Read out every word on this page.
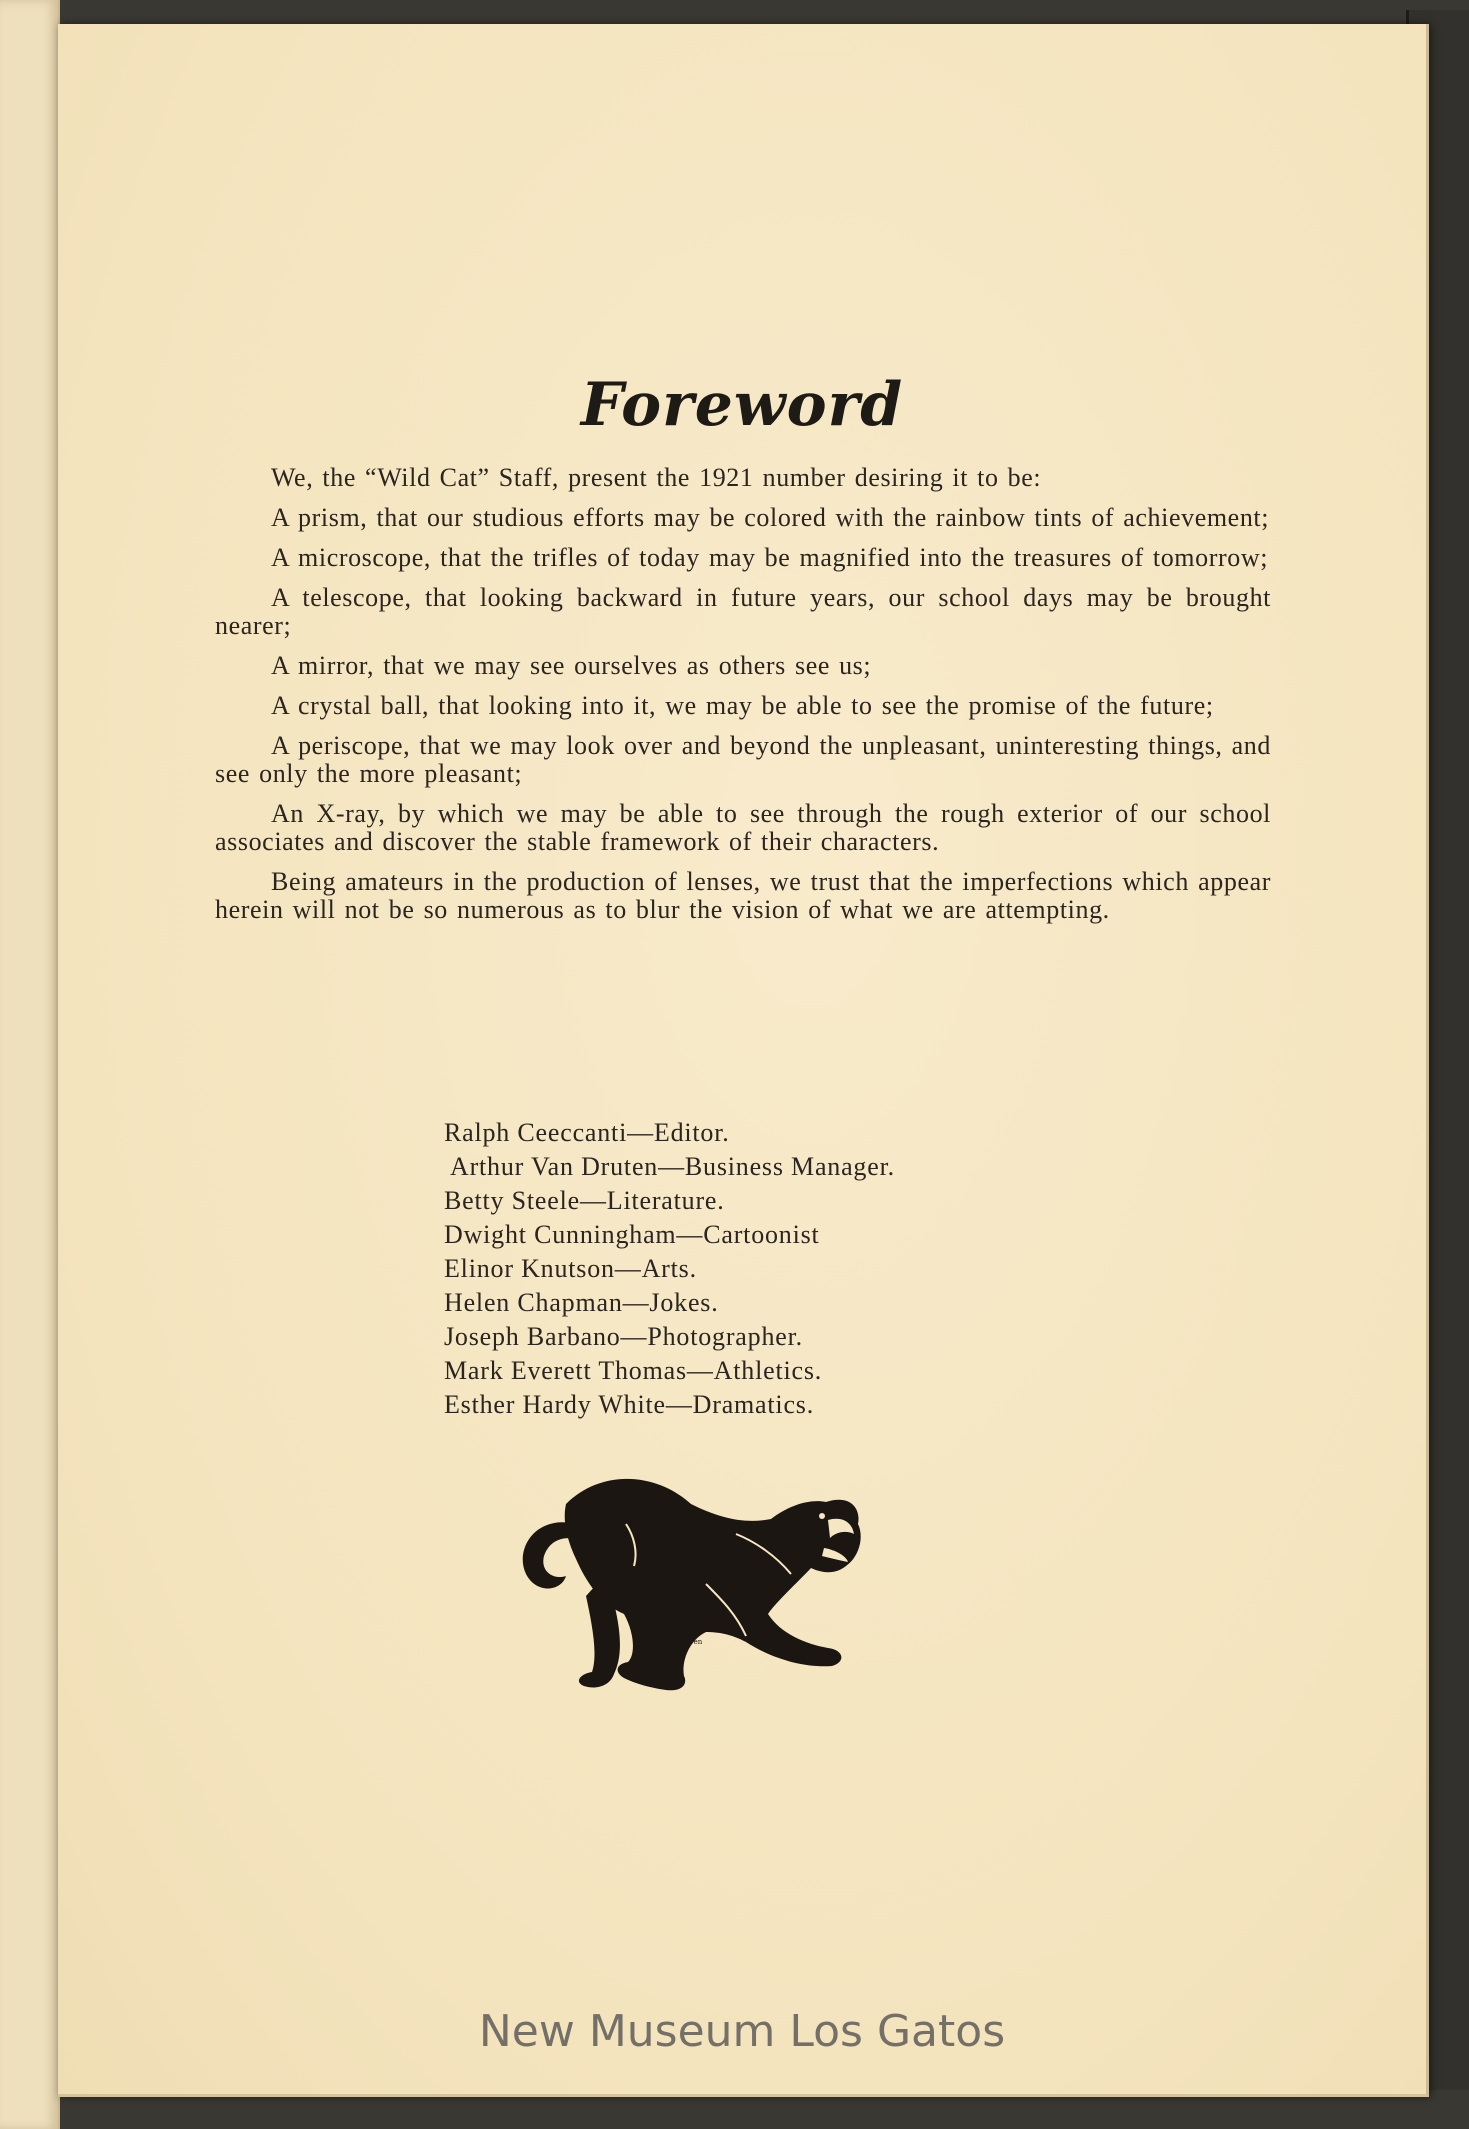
Foreword

We, the “Wild Cat” Staff, present the 1921 number desiring it to be:

A prism, that our studious efforts may be colored with the rainbow tints of achievement;

A microscope, that the trifles of today may be magnified into the treasures of tomorrow;

A telescope, that looking backward in future years, our school days may be brought nearer;

A mirror, that we may see ourselves as others see us;

A crystal ball, that looking into it, we may be able to see the promise of the future;

A periscope, that we may look over and beyond the unpleasant, uninteresting things, and see only the more pleasant;

An X-ray, by which we may be able to see through the rough exterior of our school associates and discover the stable framework of their characters.

Being amateurs in the production of lenses, we trust that the imperfections which appear herein will not be so numerous as to blur the vision of what we are attempting.

Ralph Ceeccanti—Editor.
Arthur Van Druten—Business Manager.
Betty Steele—Literature.
Dwight Cunningham—Cartoonist
Elinor Knutson—Arts.
Helen Chapman—Jokes.
Joseph Barbano—Photographer.
Mark Everett Thomas—Athletics.
Esther Hardy White—Dramatics.
Ahlgren
New Museum Los Gatos
